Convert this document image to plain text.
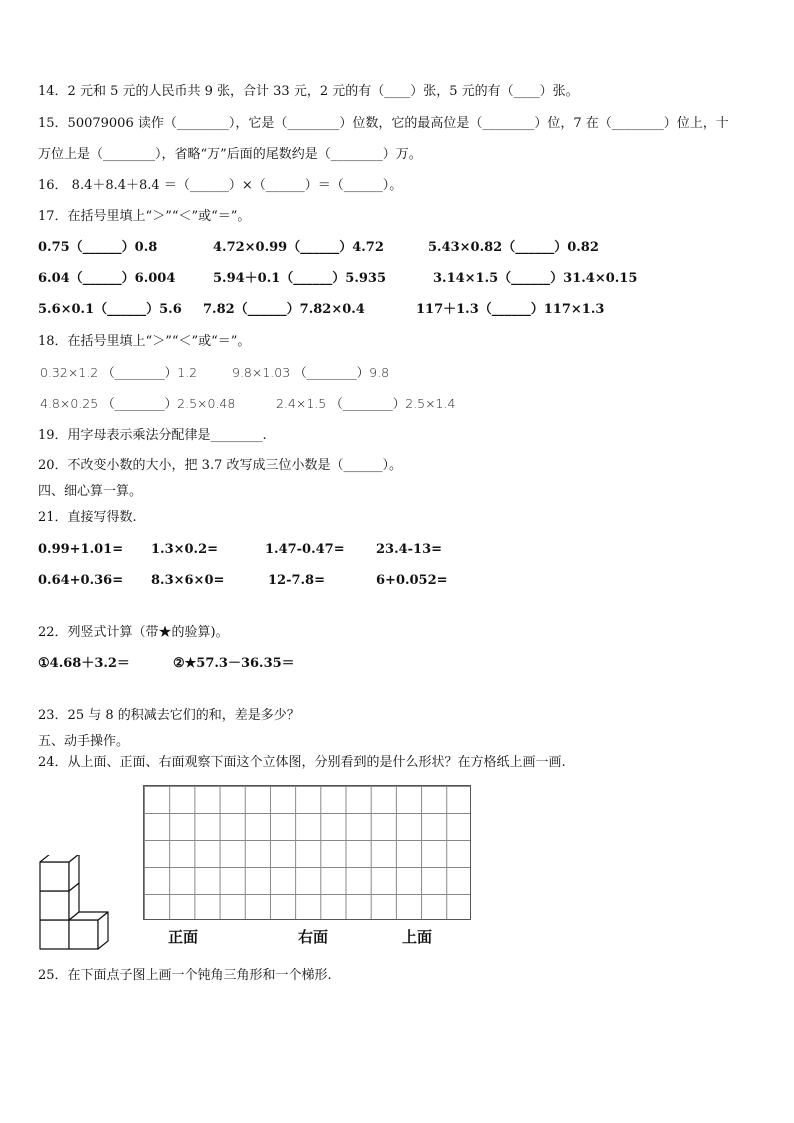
14．2 元和 5 元的人民币共 9 张，合计 33 元，2 元的有（____）张，5 元的有（____）张。
15．50079006 读作（________），它是（________）位数，它的最高位是（________）位，7 在（________）位上，十
万位上是（________），省略“万”后面的尾数约是（________）万。
16． 8.4＋8.4＋8.4 ＝（______）×（______）＝（______）。
17．在括号里填上“＞”“＜”或“＝”。
0.75（______）0.8	4.72×0.99（______）4.72	5.43×0.82（______）0.82
6.04（______）6.004	5.94＋0.1（______）5.935	3.14×1.5（______）31.4×0.15
5.6×0.1（______）5.6 7.82（______）7.82×0.4	117＋1.3（______）117×1.3
18．在括号里填上“＞”“＜”或“＝”。
0.32×1.2 （________）1.2	9.8×1.03 （________）9.8
4.8×0.25 （________）2.5×0.48	2.4×1.5 （________）2.5×1.4
19．用字母表示乘法分配律是________.
20．不改变小数的大小，把 3.7 改写成三位小数是（______）。
四、细心算一算。
21．直接写得数.
0.99+1.01= 1.3×0.2=	1.47-0.47= 23.4-13=
0.64+0.36= 8.3×6×0=	12-7.8=	6+0.052=
22．列竖式计算（带★的验算)。
①4.68＋3.2＝	②★57.3－36.35＝
23．25 与 8 的积减去它们的和，差是多少？
五、动手操作。
24．从上面、正面、右面观察下面这个立体图，分别看到的是什么形状？在方格纸上画一画.
正面	右面	上面
25．在下面点子图上画一个钝角三角形和一个梯形.
